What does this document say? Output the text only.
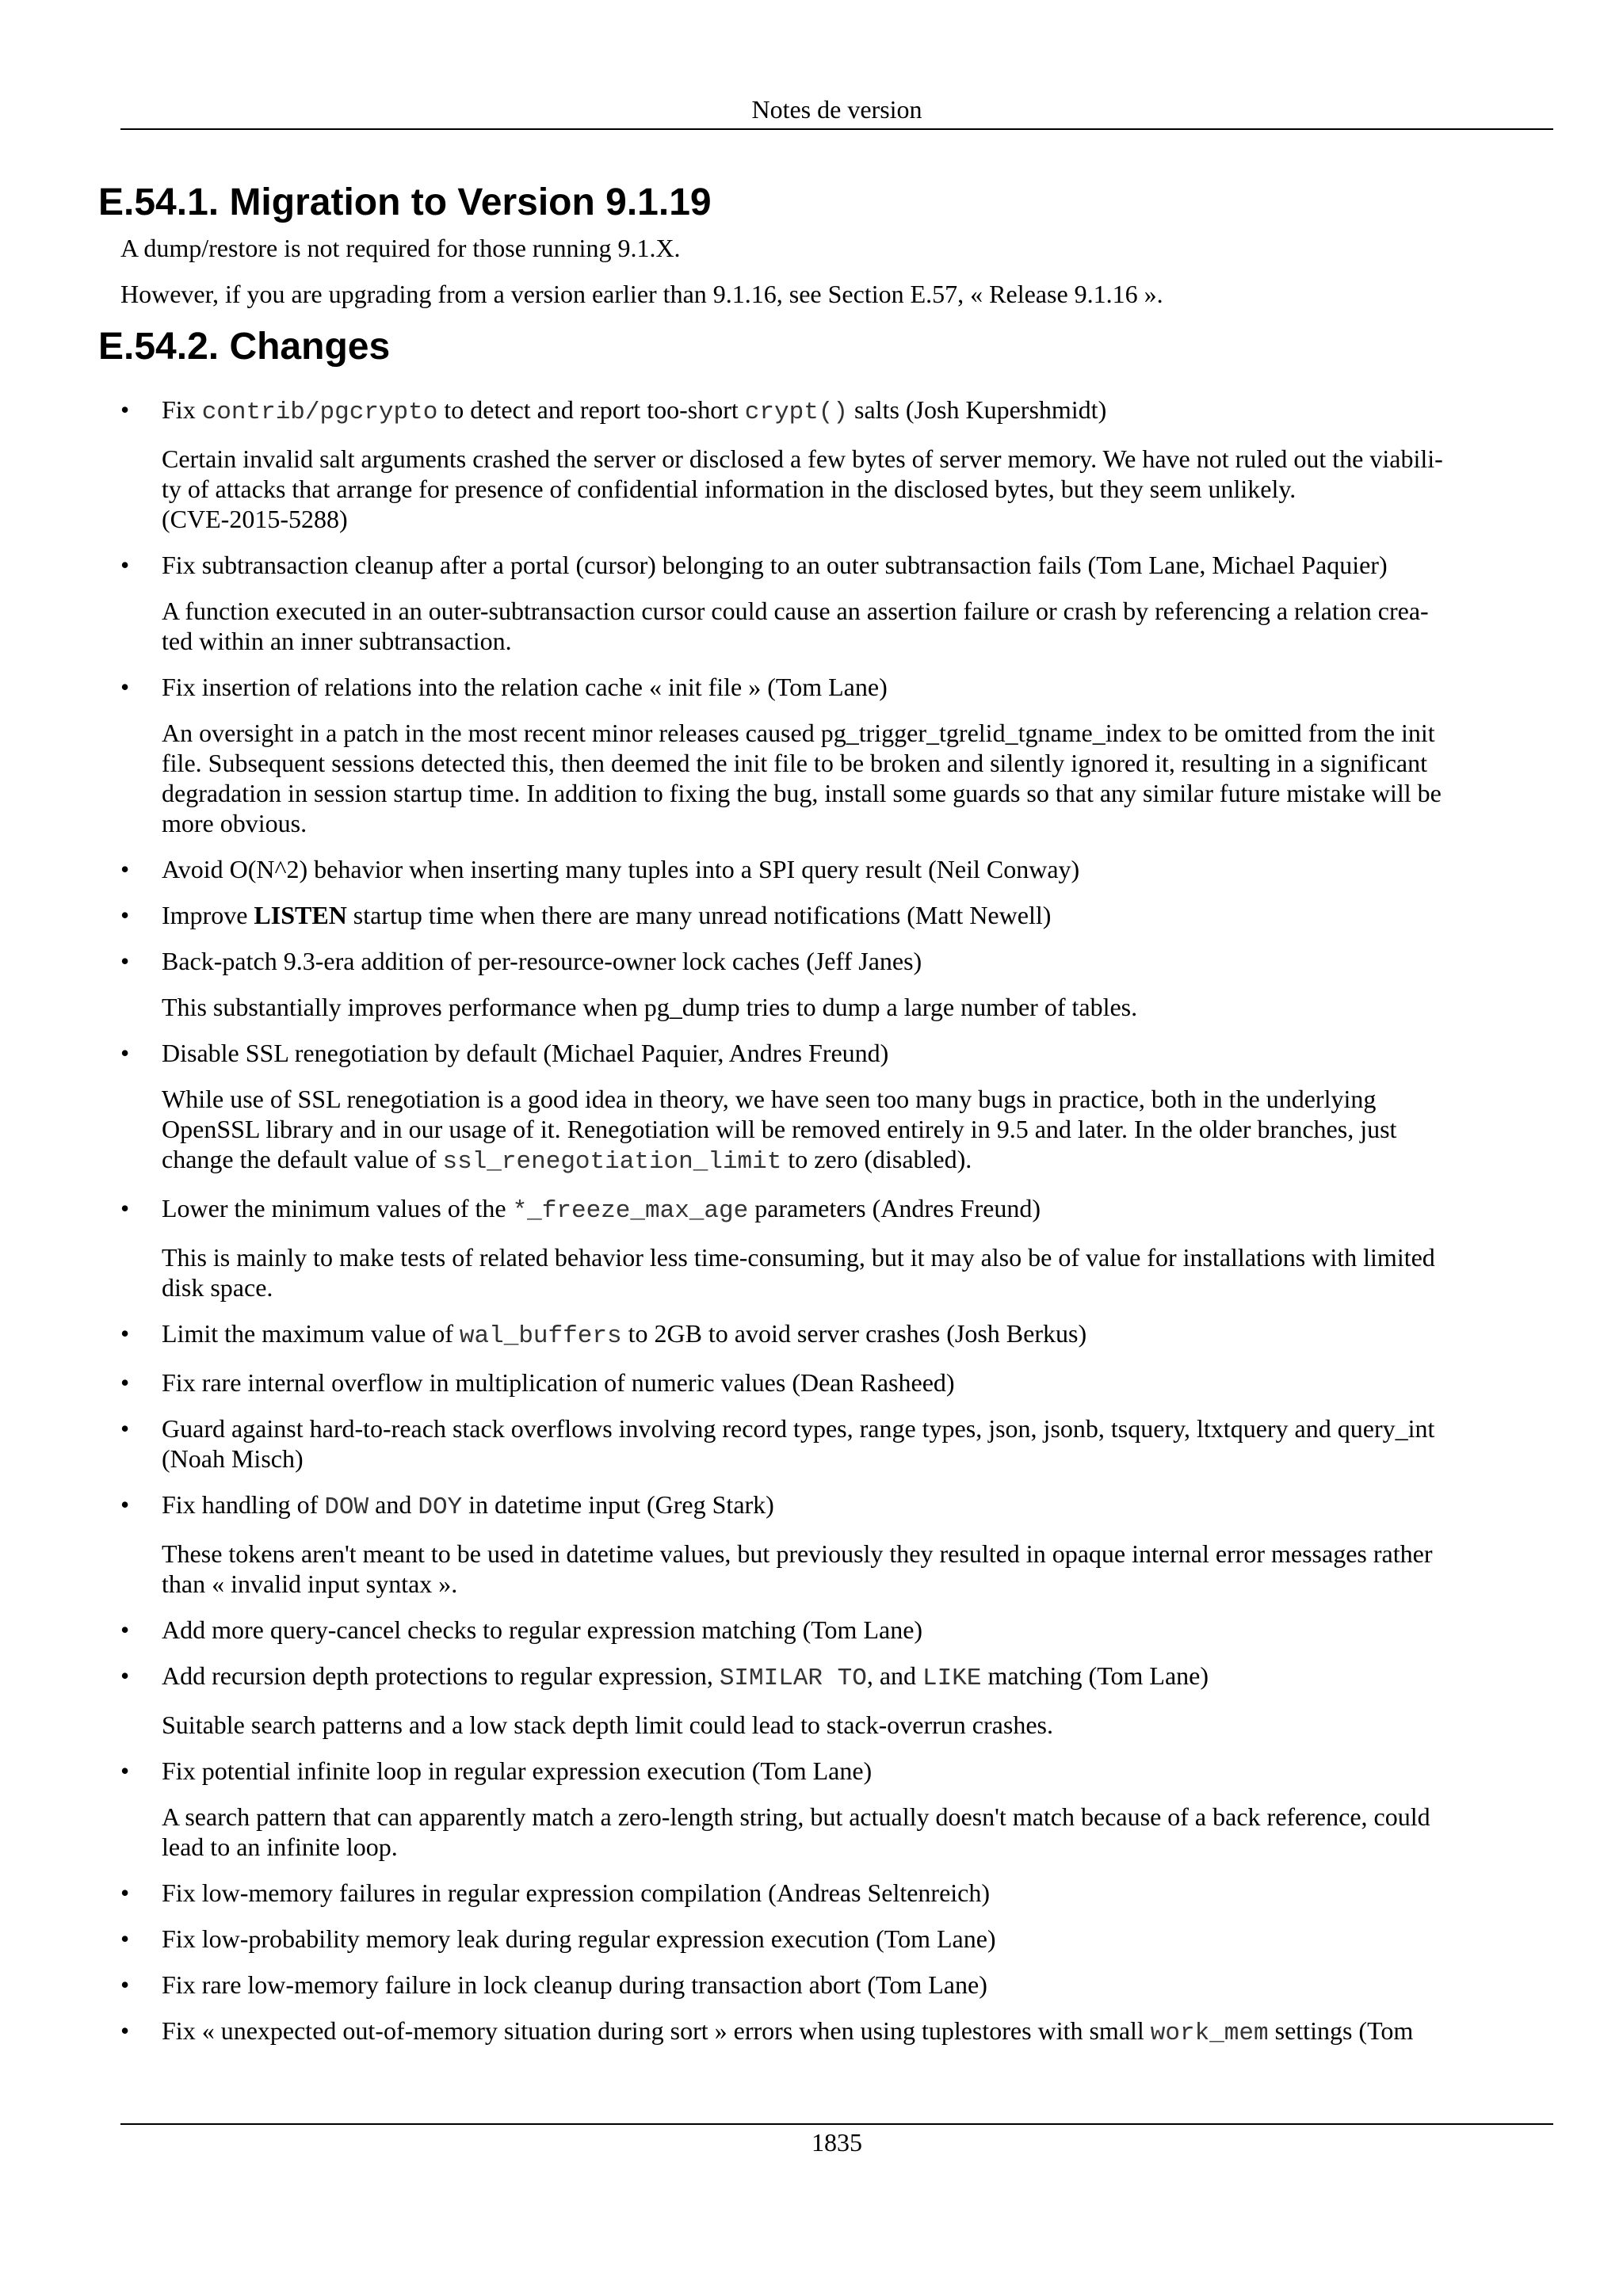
Notes de version
E.54.1. Migration to Version 9.1.19

A dump/restore is not required for those running 9.1.X.

However, if you are upgrading from a version earlier than 9.1.16, see Section E.57, « Release 9.1.16 ».

E.54.2. Changes
• Fix contrib/pgcrypto to detect and report too-short crypt() salts (Josh Kupershmidt)

Certain invalid salt arguments crashed the server or disclosed a few bytes of server memory. We have not ruled out the viabili-
ty of attacks that arrange for presence of confidential information in the disclosed bytes, but they seem unlikely.
(CVE-2015-5288)

• Fix subtransaction cleanup after a portal (cursor) belonging to an outer subtransaction fails (Tom Lane, Michael Paquier)

A function executed in an outer-subtransaction cursor could cause an assertion failure or crash by referencing a relation crea-
ted within an inner subtransaction.

• Fix insertion of relations into the relation cache « init file » (Tom Lane)

An oversight in a patch in the most recent minor releases caused pg_trigger_tgrelid_tgname_index to be omitted from the init
file. Subsequent sessions detected this, then deemed the init file to be broken and silently ignored it, resulting in a significant
degradation in session startup time. In addition to fixing the bug, install some guards so that any similar future mistake will be
more obvious.

• Avoid O(N^2) behavior when inserting many tuples into a SPI query result (Neil Conway)

• Improve LISTEN startup time when there are many unread notifications (Matt Newell)

• Back-patch 9.3-era addition of per-resource-owner lock caches (Jeff Janes)

This substantially improves performance when pg_dump tries to dump a large number of tables.

• Disable SSL renegotiation by default (Michael Paquier, Andres Freund)

While use of SSL renegotiation is a good idea in theory, we have seen too many bugs in practice, both in the underlying
OpenSSL library and in our usage of it. Renegotiation will be removed entirely in 9.5 and later. In the older branches, just
change the default value of ssl_renegotiation_limit to zero (disabled).

• Lower the minimum values of the *_freeze_max_age parameters (Andres Freund)

This is mainly to make tests of related behavior less time-consuming, but it may also be of value for installations with limited
disk space.

• Limit the maximum value of wal_buffers to 2GB to avoid server crashes (Josh Berkus)

• Fix rare internal overflow in multiplication of numeric values (Dean Rasheed)

• Guard against hard-to-reach stack overflows involving record types, range types, json, jsonb, tsquery, ltxtquery and query_int
(Noah Misch)

• Fix handling of DOW and DOY in datetime input (Greg Stark)

These tokens aren't meant to be used in datetime values, but previously they resulted in opaque internal error messages rather
than « invalid input syntax ».

• Add more query-cancel checks to regular expression matching (Tom Lane)

• Add recursion depth protections to regular expression, SIMILAR TO, and LIKE matching (Tom Lane)

Suitable search patterns and a low stack depth limit could lead to stack-overrun crashes.

• Fix potential infinite loop in regular expression execution (Tom Lane)

A search pattern that can apparently match a zero-length string, but actually doesn't match because of a back reference, could
lead to an infinite loop.

• Fix low-memory failures in regular expression compilation (Andreas Seltenreich)

• Fix low-probability memory leak during regular expression execution (Tom Lane)

• Fix rare low-memory failure in lock cleanup during transaction abort (Tom Lane)

• Fix « unexpected out-of-memory situation during sort » errors when using tuplestores with small work_mem settings (Tom

1835
